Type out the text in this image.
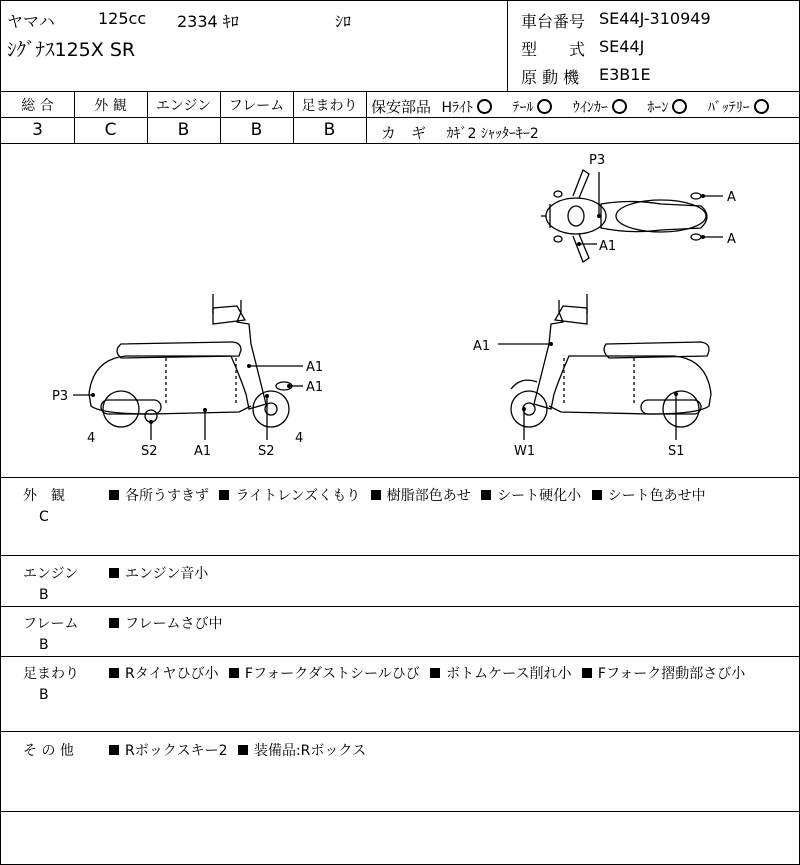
ヤマハ	125cc 2334 ｷﾛ	ｼﾛ
ｼｸﾞﾅｽ125X SR
車台番号 SE44J-310949
型　　式 SE44J
原 動 機 E3B1E
総 合	外 観	エンジン	フレーム	足まわり
3	C	B	B	B
保安部品 Hﾗｲﾄ	ﾃｰﾙ	ｳｲﾝｶｰ	ﾎｰﾝ	ﾊﾞｯﾃﾘｰ
カ　ギ ｶｷﾞ2 ｼｬｯﾀｰｷｰ2
P3
A1
A
A
A1
A1
P3
4
S2	A1	S2
4
A1
W1	S1
外　観
C
各所うすきず ライトレンズくもり 樹脂部色あせ シート硬化小 シート色あせ中
エンジン
B
エンジン音小
フレーム
B
フレームさび中
足まわり
B
Rタイヤひび小 Fフォークダストシールひび ボトムケース削れ小 Fフォーク摺動部さび小
そ の 他	Rボックスキー2 装備品:Rボックス
